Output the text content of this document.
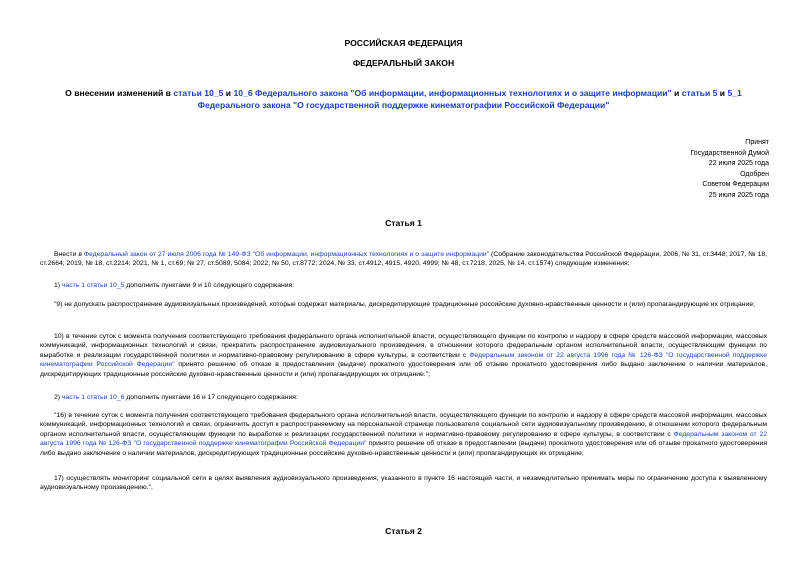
РОССИЙСКАЯ ФЕДЕРАЦИЯ
ФЕДЕРАЛЬНЫЙ ЗАКОН
О внесении изменений в статьи 10_5 и 10_6 Федерального закона "Об информации, информационных технологиях и о защите информации" и статьи 5 и 5_1 Федерального закона "О государственной поддержке кинематографии Российской Федерации"
Принят
Государственной Думой
22 июля 2025 года
Одобрен
Советом Федерации
25 июля 2025 года
Статья 1
Внести в Федеральный закон от 27 июля 2006 года № 149-ФЗ "Об информации, информационных технологиях и о защите информации" (Собрание законодательства Российской Федерации, 2006, № 31, ст.3448; 2017, № 18, ст.2664; 2019, № 18, ст.2214; 2021, № 1, ст.69; № 27, ст.5089, 5084; 2022, № 50, ст.8772; 2024, № 33, ст.4912, 4915, 4920, 4999; № 48, ст.7218; 2025, № 14, ст.1574) следующие изменения:
1) часть 1 статьи 10_5 дополнить пунктами 9 и 10 следующего содержания:
"9) не допускать распространение аудиовизуальных произведений, которые содержат материалы, дискредитирующие традиционные российские духовно-нравственные ценности и (или) пропагандирующие их отрицание;
10) в течение суток с момента получения соответствующего требования федерального органа исполнительной власти, осуществляющего функции по контролю и надзору в сфере средств массовой информации, массовых коммуникаций, информационных технологий и связи, прекратить распространение аудиовизуального произведения, в отношении которого федеральным органом исполнительной власти, осуществляющим функции по выработке и реализации государственной политики и нормативно-правовому регулированию в сфере культуры, в соответствии с Федеральным законом от 22 августа 1996 года № 126-ФЗ "О государственной поддержке кинематографии Российской Федерации" принято решение об отказе в предоставлении (выдаче) прокатного удостоверения или об отзыве прокатного удостоверения либо выдано заключение о наличии материалов, дискредитирующих традиционные российские духовно-нравственные ценности и (или) пропагандирующих их отрицание.";
2) часть 1 статьи 10_6 дополнить пунктами 16 и 17 следующего содержания:
"16) в течение суток с момента получения соответствующего требования федерального органа исполнительной власти, осуществляющего функции по контролю и надзору в сфере средств массовой информации, массовых коммуникаций, информационных технологий и связи, ограничить доступ к распространяемому на персональной странице пользователя социальной сети аудиовизуальному произведению, в отношении которого федеральным органом исполнительной власти, осуществляющим функции по выработке и реализации государственной политики и нормативно-правовому регулированию в сфере культуры, в соответствии с Федеральным законом от 22 августа 1996 года № 126-ФЗ "О государственной поддержке кинематографии Российской Федерации" принято решение об отказе в предоставлении (выдаче) прокатного удостоверения или об отзыве прокатного удостоверения либо выдано заключение о наличии материалов, дискредитирующих традиционные российские духовно-нравственные ценности и (или) пропагандирующих их отрицание;
17) осуществлять мониторинг социальной сети в целях выявления аудиовизуального произведения, указанного в пункте 16 настоящей части, и незамедлительно принимать меры по ограничению доступа к выявленному аудиовизуальному произведению.".
Статья 2
